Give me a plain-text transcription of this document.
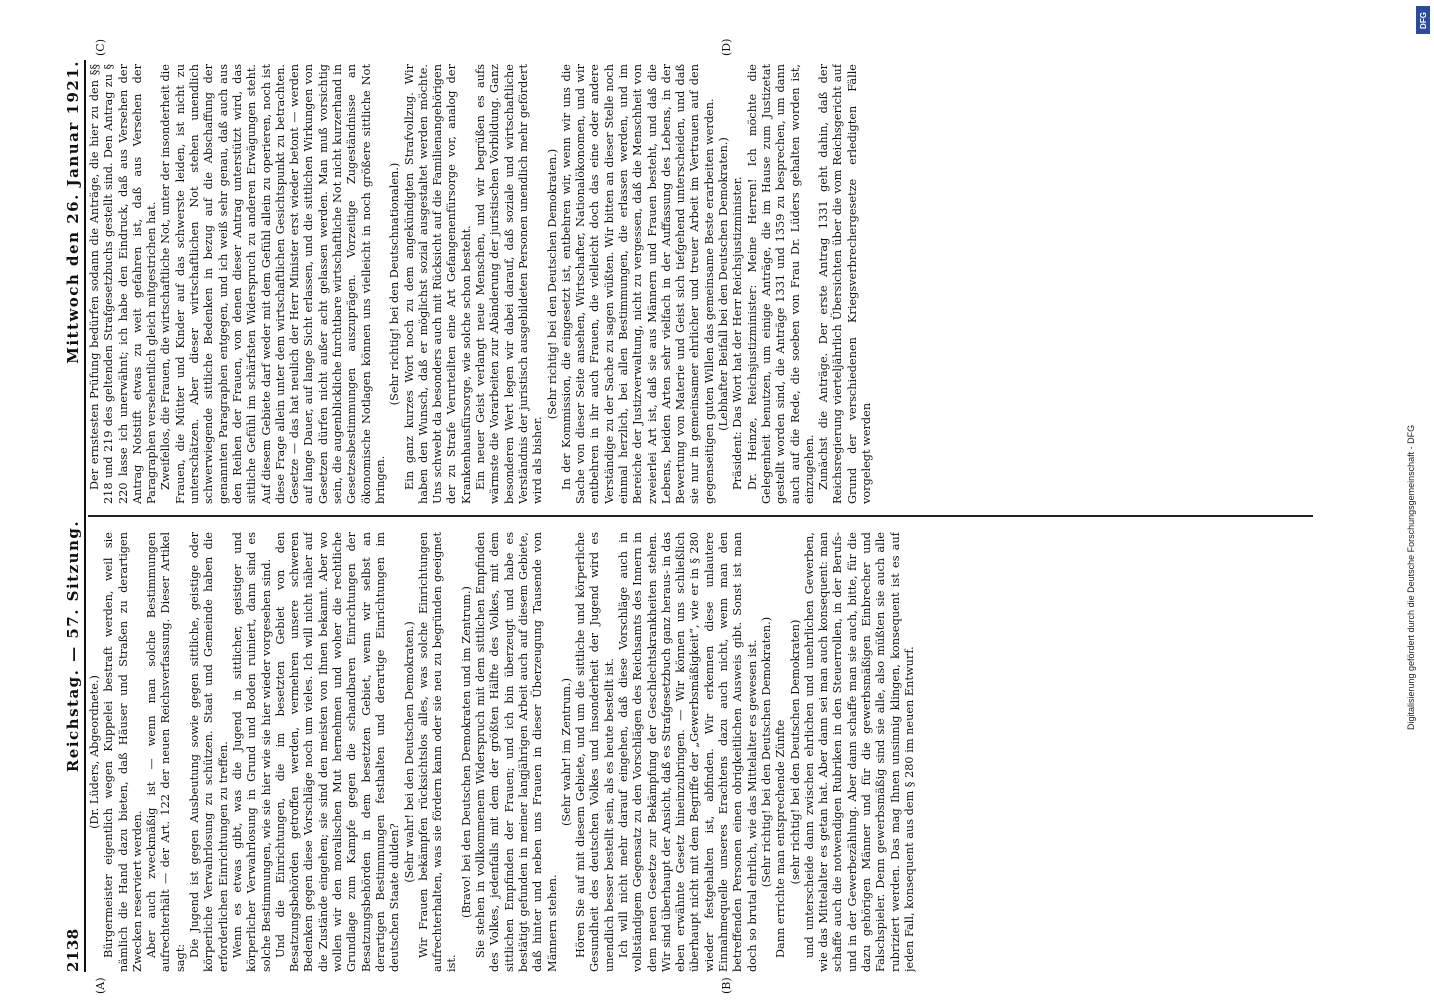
2138
Reichstag. — 57. Sitzung.
Mittwoch den 26. Januar 1921.

(Dr. Lüders, Abgeordnete.) Bürgermeister eigentlich wegen Kuppelei bestraft werden, weil sie nämlich die Hand dazu bieten, daß Häuser und Straßen zu derartigen Zwecken reserviert werden. Aber auch zweckmäßig ist — wenn man solche Bestimmungen aufrechterhält — der Art. 122 der neuen Reichsverfassung. Dieser Artikel sagt: Die Jugend ist gegen Ausbeutung sowie gegen sittliche, geistige oder körperliche Verwahrlosung zu schützen. Staat und Gemeinde haben die erforderlichen Einrichtungen zu treffen. Wenn es etwas gibt, was die Jugend in sittlicher, geistiger und körperlicher Verwahrlosung in Grund und Boden ruiniert, dann sind es solche Bestimmungen, wie sie hier wie sie hier wieder vorgesehen sind. Und die Einrichtungen, die im besetzten Gebiet von den Besatzungsbehörden getroffen werden, vermehren unsere schweren Bedenken gegen diese Vorschläge noch um vieles. Ich will nicht näher auf die Zustände eingehen; sie sind den meisten von Ihnen bekannt. Aber wo wollen wir den moralischen Mut hernehmen und woher die rechtliche Grundlage zum Kampfe gegen die schandbaren Einrichtungen der Besatzungsbehörden in dem besetzten Gebiet, wenn wir selbst an derartigen Bestimmungen festhalten und derartige Einrichtungen im deutschen Staate dulden?

(Sehr wahr! bei den Deutschen Demokraten.) Wir Frauen bekämpfen rücksichtslos alles, was solche Einrichtungen aufrechterhalten, was sie fördern kann oder sie neu zu begründen geeignet ist.

(Bravo! bei den Deutschen Demokraten und im Zentrum.) Sie stehen in vollkommenem Widerspruch mit dem sittlichen Empfinden des Volkes, jedenfalls mit dem der größten Hälfte des Volkes, mit dem sittlichen Empfinden der Frauen; und ich bin überzeugt und habe es bestätigt gefunden in meiner langjährigen Arbeit auch auf diesem Gebiete, daß hinter und neben uns Frauen in dieser Überzeugung Tausende von Männern stehen.

(Sehr wahr! im Zentrum.) Hören Sie auf mit diesem Gebiete, und um die sittliche und körperliche Gesundheit des deutschen Volkes und insonderheit der Jugend wird es unendlich besser bestellt sein, als es heute bestellt ist. Ich will nicht mehr darauf eingehen, daß diese Vorschläge auch in vollständigem Gegensatz zu den Vorschlägen des Reichsamts des Innern in dem neuen Gesetze zur Bekämpfung der Geschlechtskrankheiten stehen. Wir sind überhaupt der Ansicht, daß es Strafgesetzbuch ganz heraus- in das eben erwähnte Gesetz hineinzubringen. — Wir können uns schließlich überhaupt nicht mit dem Begriffe der „Gewerbsmäßigkeit“, wie er in § 280 wieder festgehalten ist, abfinden. Wir erkennen diese unlautere Einnahmequelle unseres Erachtens dazu auch nicht, wenn man den betreffenden Personen einen obrigkeitlichen Ausweis gibt. Sonst ist man doch so brutal ehrlich, wie das Mittelalter es gewesen ist. (Sehr richtig! bei den Deutschen Demokraten.) Dann errichte man entsprechende Zünfte (sehr richtig! bei den Deutschen Demokraten) und unterscheide dann zwischen ehrlichen und unehrlichen Gewerben, wie das Mittelalter es getan hat. Aber dann sei man auch konsequent: man schaffe auch die notwendigen Rubriken in den Steuerrollen, in der Berufs- und in der Gewerbezählung. Aber dann schaffe man sie auch, bitte, für die dazu gehörigen Männer und für die gewerbsmäßigen Einbrecher und Falschspieler. Denn gewerbsmäßig sind sie alle, also müßten sie auch alle rubriziert werden. Das mag Ihnen unsinnig klingen, konsequent ist es auf jeden Fall, konsequent aus dem § 280 im neuen Entwurf.

Der ernstesten Prüfung bedürfen sodann die Anträge, die hier zu den §§ 218 und 219 des geltenden Strafgesetzbuchs gestellt sind. Den Antrag zu § 220 lasse ich unerwähnt; ich habe den Eindruck, daß aus Versehen der Antrag Notstift etwas zu weit gefahren ist, daß aus Versehen der Paragraphen versehentlich gleich mitgestrichen hat. Zweifellos, die Frauen, die wirtschaftliche Not, unter der insonderheit die Frauen, die Mütter und Kinder auf das schwerste leiden, ist nicht zu unterschätzen. Aber dieser wirtschaftlichen Not stehen unendlich schwerwiegende sittliche Bedenken in bezug auf die Abschaffung der genannten Paragraphen entgegen, und ich weiß sehr genau, daß auch aus den Reihen der Frauen, von denen dieser Antrag unterstützt wird, das sittliche Gefühl im schärfsten Widerspruch zu anderen Erwägungen steht. Auf diesem Gebiete darf weder mit dem Gefühl allein zu operieren, noch ist diese Frage allein unter dem wirtschaftlichen Gesichtspunkt zu betrachten. Gesetze — das hat neulich der Herr Minister erst wieder betont — werden auf lange Dauer, auf lange Sicht erlassen, und die sittlichen Wirkungen von Gesetzen dürfen nicht außer acht gelassen werden. Man muß vorsichtig sein, die augenblickliche furchtbare wirtschaftliche Not nicht kurzerhand in Gesetzesbestimmungen auszuprägen. Vorzeitige Zugeständnisse an ökonomische Notlagen können uns vielleicht in noch größere sittliche Not bringen.

(Sehr richtig! bei den Deutschnationalen.) Ein ganz kurzes Wort noch zu dem angekündigten Strafvollzug. Wir haben den Wunsch, daß er möglichst sozial ausgestaltet werden möchte. Uns schwebt da besonders auch mit Rücksicht auf die Familienangehörigen der zu Strafe Verurteilten eine Art Gefangenenfürsorge vor, analog der Krankenhausfürsorge, wie solche schon besteht. Ein neuer Geist verlangt neue Menschen, und wir begrüßen es aufs wärmste die Vorarbeiten zur Abänderung der juristischen Vorbildung. Ganz besonderen Wert legen wir dabei darauf, daß soziale und wirtschaftliche Verständnis der juristisch ausgebildeten Personen unendlich mehr gefördert wird als bisher.

(Sehr richtig! bei den Deutschen Demokraten.) In der Kommission, die eingesetzt ist, entbehren wir, wenn wir uns die Sache von dieser Seite ansehen, Wirtschafter, Nationalökonomen, und wir entbehren in ihr auch Frauen, die vielleicht doch das eine oder andere Verständige zu der Sache zu sagen wüßten. Wir bitten an dieser Stelle noch einmal herzlich, bei allen Bestimmungen, die erlassen werden, und im Bereiche der Justizverwaltung, nicht zu vergessen, daß die Menschheit von zweierlei Art ist, daß sie aus Männern und Frauen besteht, und daß die Lebens, beiden Arten sehr vielfach in der Auffassung des Lebens, in der Bewertung von Materie und Geist sich tiefgehend unterscheiden, und daß sie nur in gemeinsamer ehrlicher und treuer Arbeit im Vertrauen auf den gegenseitigen guten Willen das gemeinsame Beste erarbeiten werden. (Lebhafter Beifall bei den Deutschen Demokraten.) Präsident: Das Wort hat der Herr Reichsjustizminister. Dr. Heinze, Reichsjustizminister: Meine Herren! Ich möchte die Gelegenheit benutzen, um einige Anträge, die im Hause zum Justizetat gestellt worden sind, die Anträge 1331 und 1359 zu besprechen, um dann auch auf die Rede, die soeben von Frau Dr. Lüders gehalten worden ist, einzugehen. Zunächst die Anträge. Der erste Antrag 1331 geht dahin, daß der Reichsregierung vierteljährlich Übersichten über die vom Reichsgericht auf Grund der verschiedenen Kriegsverbrechergesetze erledigten Fälle vorgelegt werden

(A)	(B)
(C)	(D)
DFG
Digitalisierung gefördert durch die Deutsche Forschungsgemeinschaft - DFG
